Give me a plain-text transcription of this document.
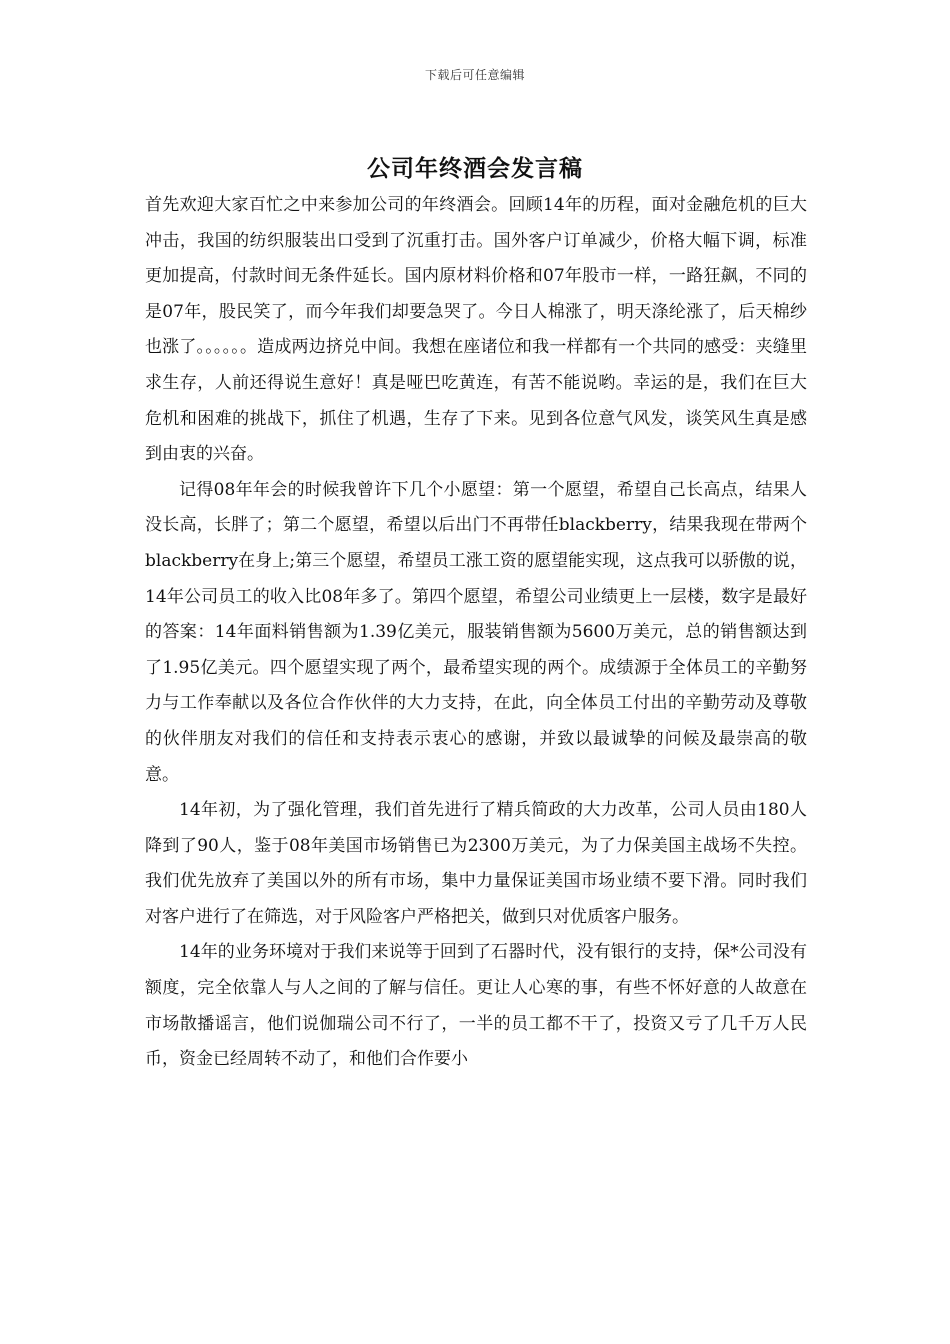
下载后可任意编辑
公司年终酒会发言稿

首先欢迎大家百忙之中来参加公司的年终酒会。回顾14年的历程，面对金融危机的巨大冲击，我国的纺织服装出口受到了沉重打击。国外客户订单减少，价格大幅下调，标准更加提高，付款时间无条件延长。国内原材料价格和07年股市一样，一路狂飙，不同的是07年，股民笑了，而今年我们却要急哭了。今日人棉涨了，明天涤纶涨了，后天棉纱也涨了。。。。。。造成两边挤兑中间。我想在座诸位和我一样都有一个共同的感受：夹缝里求生存，人前还得说生意好！真是哑巴吃黄连，有苦不能说哟。幸运的是，我们在巨大危机和困难的挑战下，抓住了机遇，生存了下来。见到各位意气风发，谈笑风生真是感到由衷的兴奋。

记得08年年会的时候我曾许下几个小愿望：第一个愿望，希望自己长高点，结果人没长高，长胖了；第二个愿望，希望以后出门不再带任blackberry，结果我现在带两个blackberry在身上;第三个愿望，希望员工涨工资的愿望能实现，这点我可以骄傲的说，14年公司员工的收入比08年多了。第四个愿望，希望公司业绩更上一层楼，数字是最好的答案：14年面料销售额为1.39亿美元，服装销售额为5600万美元，总的销售额达到了1.95亿美元。四个愿望实现了两个，最希望实现的两个。成绩源于全体员工的辛勤努力与工作奉献以及各位合作伙伴的大力支持，在此，向全体员工付出的辛勤劳动及尊敬的伙伴朋友对我们的信任和支持表示衷心的感谢，并致以最诚挚的问候及最崇高的敬意。

14年初，为了强化管理，我们首先进行了精兵简政的大力改革，公司人员由180人降到了90人，鉴于08年美国市场销售已为2300万美元，为了力保美国主战场不失控。我们优先放弃了美国以外的所有市场，集中力量保证美国市场业绩不要下滑。同时我们对客户进行了在筛选，对于风险客户严格把关，做到只对优质客户服务。

14年的业务环境对于我们来说等于回到了石器时代，没有银行的支持，保*公司没有额度，完全依靠人与人之间的了解与信任。更让人心寒的事，有些不怀好意的人故意在市场散播谣言，他们说伽瑞公司不行了，一半的员工都不干了，投资又亏了几千万人民币，资金已经周转不动了，和他们合作要小
